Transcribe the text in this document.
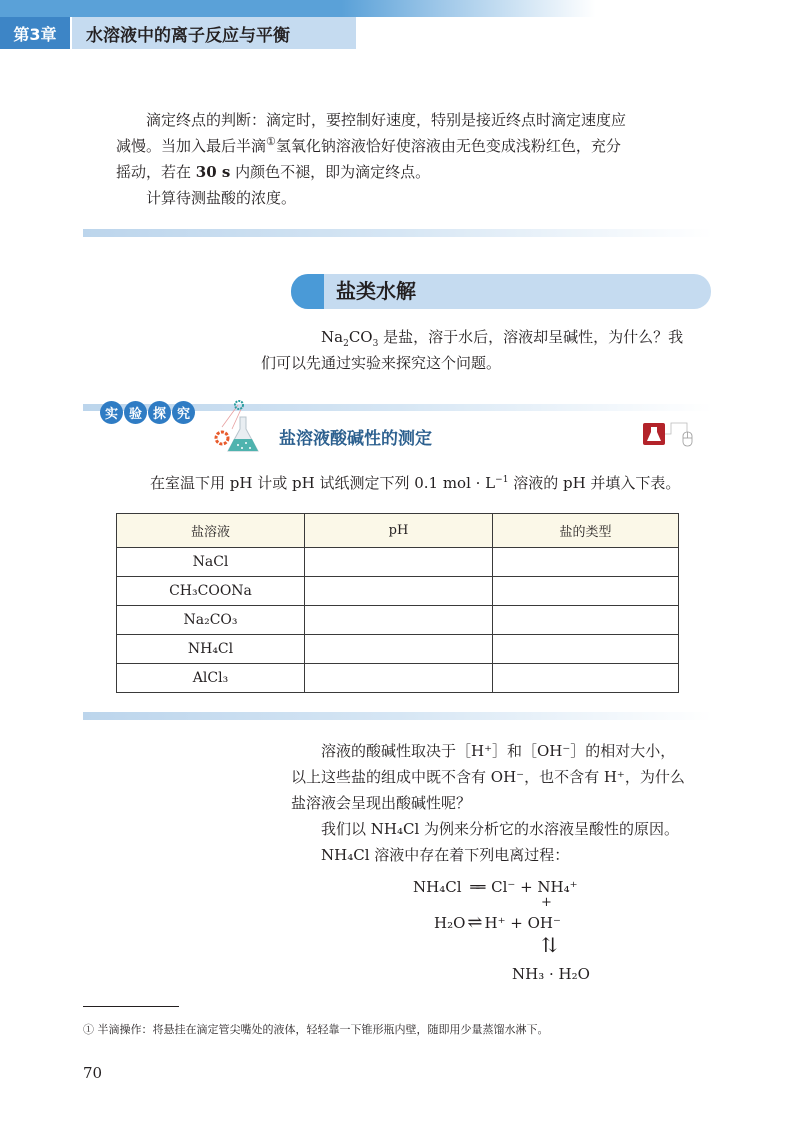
第3章	水溶液中的离子反应与平衡

滴定终点的判断：滴定时，要控制好速度，特别是接近终点时滴定速度应
减慢。当加入最后半滴①氢氧化钠溶液恰好使溶液由无色变成浅粉红色，充分
摇动，若在 30 s 内颜色不褪，即为滴定终点。

计算待测盐酸的浓度。

盐类水解

$Na_2CO_3$ 是盐，溶于水后，溶液却呈碱性，为什么？我
们可以先通过实验来探究这个问题。

实 验 探 究
盐溶液酸碱性的测定

在室温下用 pH 计或 pH 试纸测定下列 0.1 mol · $L^{-1}$ 溶液的 pH 并填入下表。

盐溶液	pH	盐的类型
NaCl		
CH₃COONa		
Na₂CO₃		
NH₄Cl		
AlCl₃		

溶液的酸碱性取决于［H⁺］和［OH⁻］的相对大小，
以上这些盐的组成中既不含有 OH⁻，也不含有 H⁺，为什么
盐溶液会呈现出酸碱性呢？
我们以 NH₄Cl 为例来分析它的水溶液呈酸性的原因。
NH₄Cl 溶液中存在着下列电离过程：

NH₄Cl ══ Cl⁻ + NH₄⁺
+
H₂O ⇌ H⁺ + OH⁻
⇅
NH₃ · H₂O
① 半滴操作：将悬挂在滴定管尖嘴处的液体，轻轻靠一下锥形瓶内壁，随即用少量蒸馏水淋下。
70
